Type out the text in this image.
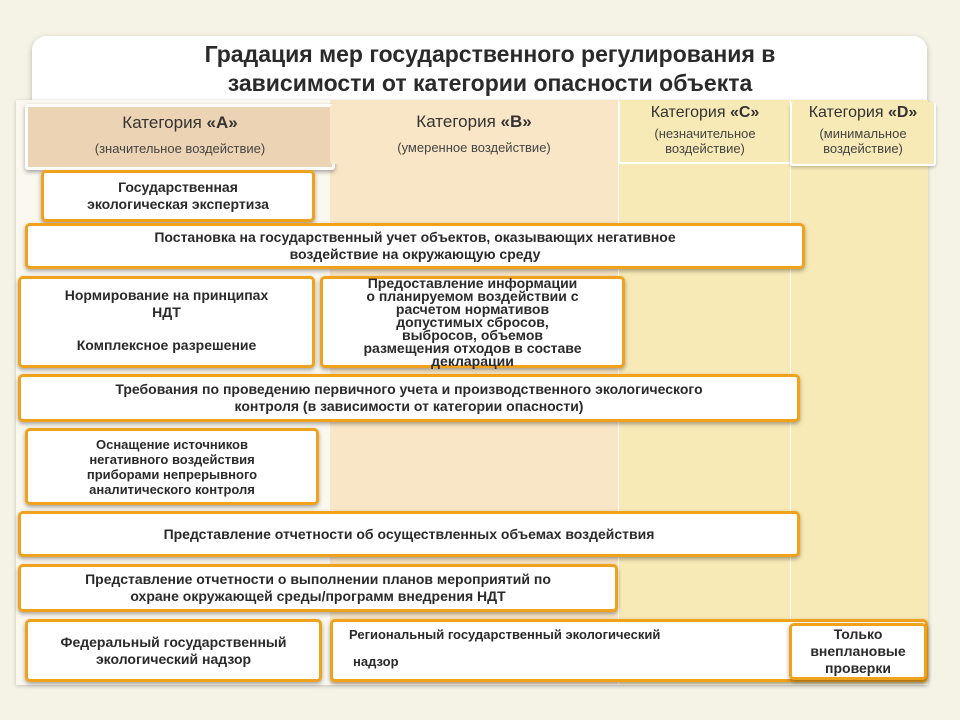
Градация мер государственного регулирования в
зависимости от категории опасности объекта
Категория «А»
(значительное воздействие)
Категория «В»
(умеренное воздействие)
Категория «С»
(незначительное
воздействие)
Категория «D»
(минимальное
воздействие)
Государственная
экологическая экспертиза
Постановка на государственный учет объектов, оказывающих негативное
воздействие на окружающую среду
Нормирование на принципах
НДТ
Комплексное разрешение
Предоставление информации
о планируемом воздействии с
расчетом нормативов
допустимых сбросов,
выбросов, объемов
размещения отходов в составе
декларации
Требования по проведению первичного учета и производственного экологического
контроля (в зависимости от категории опасности)
Оснащение источников
негативного воздействия
приборами непрерывного
аналитического контроля
Представление отчетности об осуществленных объемах воздействия
Представление отчетности о выполнении планов мероприятий по
охране окружающей среды/программ внедрения НДТ
Федеральный государственный
экологический надзор
Региональный государственный экологический
надзор
Только
внеплановые
проверки
